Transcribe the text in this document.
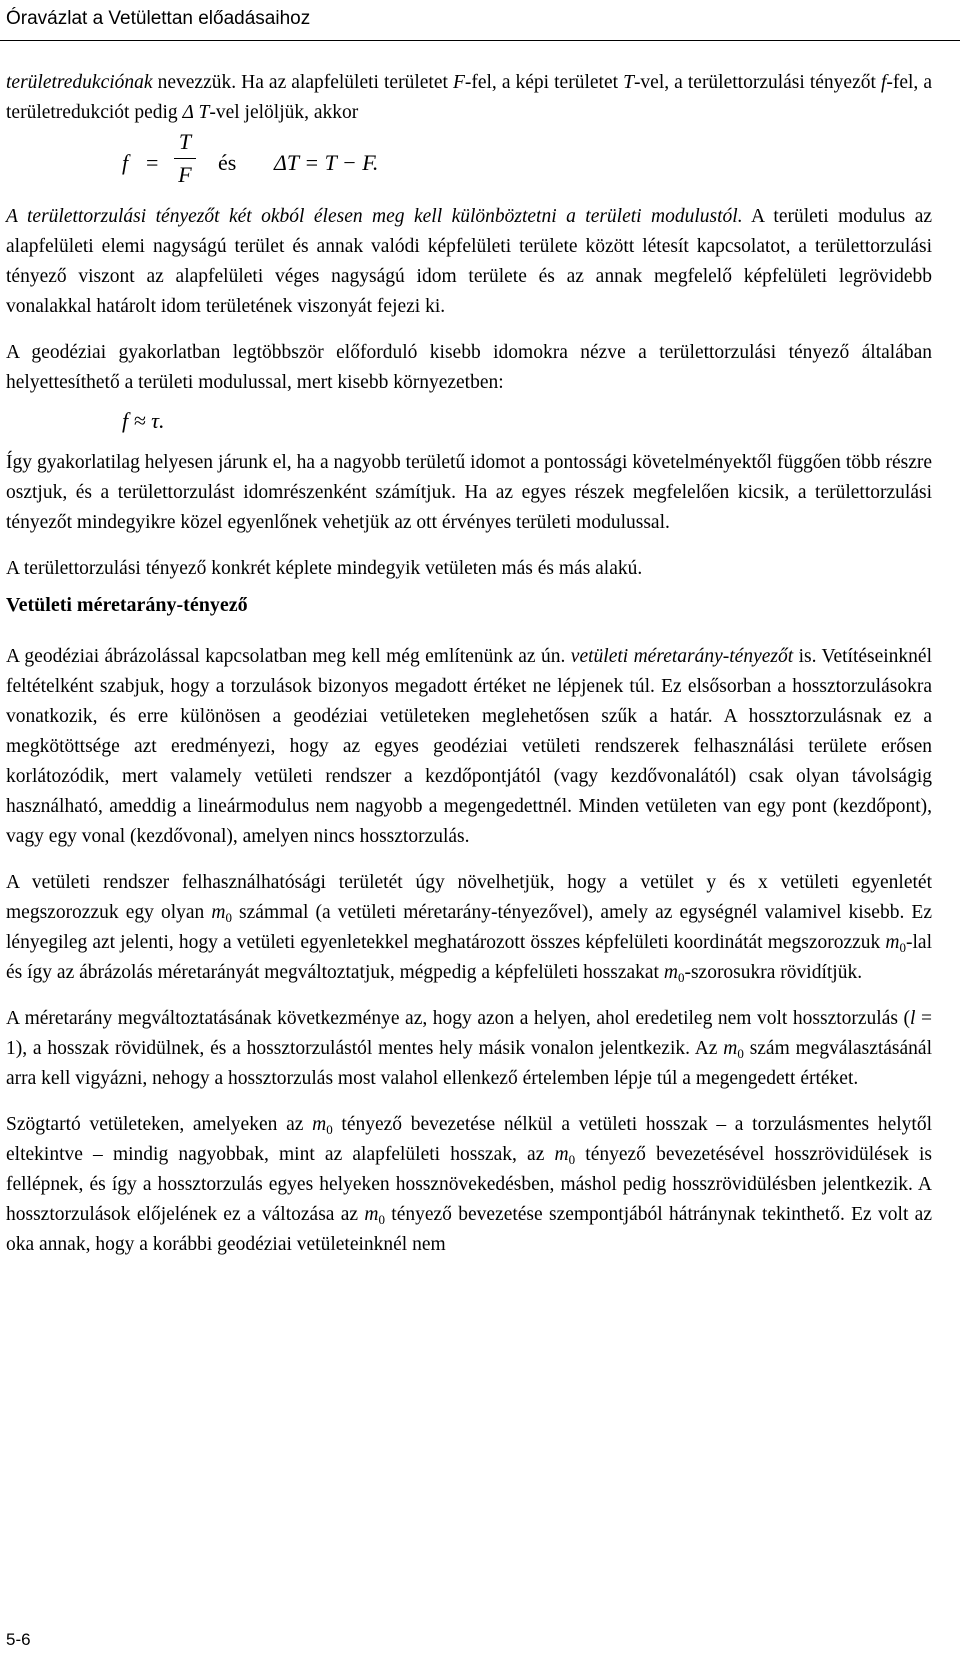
Óravázlat a Vetülettan előadásaihoz

területredukciónak nevezzük. Ha az alapfelületi területet F-fel, a képi területet T-vel, a területtorzulási tényezőt f-fel, a területredukciót pedig Δ T-vel jelöljük, akkor

f =
T
F és ΔT = T − F.

A területtorzulási tényezőt két okból élesen meg kell különböztetni a területi modulustól. A területi modulus az alapfelületi elemi nagyságú terület és annak valódi képfelületi területe között létesít kapcsolatot, a területtorzulási tényező viszont az alapfelületi véges nagyságú idom területe és az annak megfelelő képfelületi legrövidebb vonalakkal határolt idom területének viszonyát fejezi ki.

A geodéziai gyakorlatban legtöbbször előforduló kisebb idomokra nézve a területtorzulási tényező általában helyettesíthető a területi modulussal, mert kisebb környezetben:

f ≈ τ.

Így gyakorlatilag helyesen járunk el, ha a nagyobb területű idomot a pontossági követelményektől függően több részre osztjuk, és a területtorzulást idomrészenként számítjuk. Ha az egyes részek megfelelően kicsik, a területtorzulási tényezőt mindegyikre közel egyenlőnek vehetjük az ott érvényes területi modulussal.

A területtorzulási tényező konkrét képlete mindegyik vetületen más és más alakú.

Vetületi méretarány-tényező

A geodéziai ábrázolással kapcsolatban meg kell még említenünk az ún. vetületi méretarány-tényezőt is. Vetítéseinknél feltételként szabjuk, hogy a torzulások bizonyos megadott értéket ne lépjenek túl. Ez elsősorban a hossztorzulásokra vonatkozik, és erre különösen a geodéziai vetületeken meglehetősen szűk a határ. A hossztorzulásnak ez a megkötöttsége azt eredményezi, hogy az egyes geodéziai vetületi rendszerek felhasználási területe erősen korlátozódik, mert valamely vetületi rendszer a kezdőpontjától (vagy kezdővonalától) csak olyan távolságig használható, ameddig a lineármodulus nem nagyobb a megengedettnél. Minden vetületen van egy pont (kezdőpont), vagy egy vonal (kezdővonal), amelyen nincs hossztorzulás.

A vetületi rendszer felhasználhatósági területét úgy növelhetjük, hogy a vetület y és x vetületi egyenletét megszorozzuk egy olyan $m_0$ számmal (a vetületi méretarány-tényezővel), amely az egységnél valamivel kisebb. Ez lényegileg azt jelenti, hogy a vetületi egyenletekkel meghatározott összes képfelületi koordinátát megszorozzuk $m_0$-lal és így az ábrázolás méretarányát megváltoztatjuk, mégpedig a képfelületi hosszakat $m_0$-szorosukra rövidítjük.

A méretarány megváltoztatásának következménye az, hogy azon a helyen, ahol eredetileg nem volt hossztorzulás (l = 1), a hosszak rövidülnek, és a hossztorzulástól mentes hely másik vonalon jelentkezik. Az $m_0$ szám megválasztásánál arra kell vigyázni, nehogy a hossztorzulás most valahol ellenkező értelemben lépje túl a megengedett értéket.

Szögtartó vetületeken, amelyeken az $m_0$ tényező bevezetése nélkül a vetületi hosszak – a torzulásmentes helytől eltekintve – mindig nagyobbak, mint az alapfelületi hosszak, az $m_0$ tényező bevezetésével hosszrövidülések is fellépnek, és így a hossztorzulás egyes helyeken hossznövekedésben, máshol pedig hosszrövidülésben jelentkezik. A hossztorzulások előjelének ez a változása az $m_0$ tényező bevezetése szempontjából hátránynak tekinthető. Ez volt az oka annak, hogy a korábbi geodéziai vetületeinknél nem

5-6
